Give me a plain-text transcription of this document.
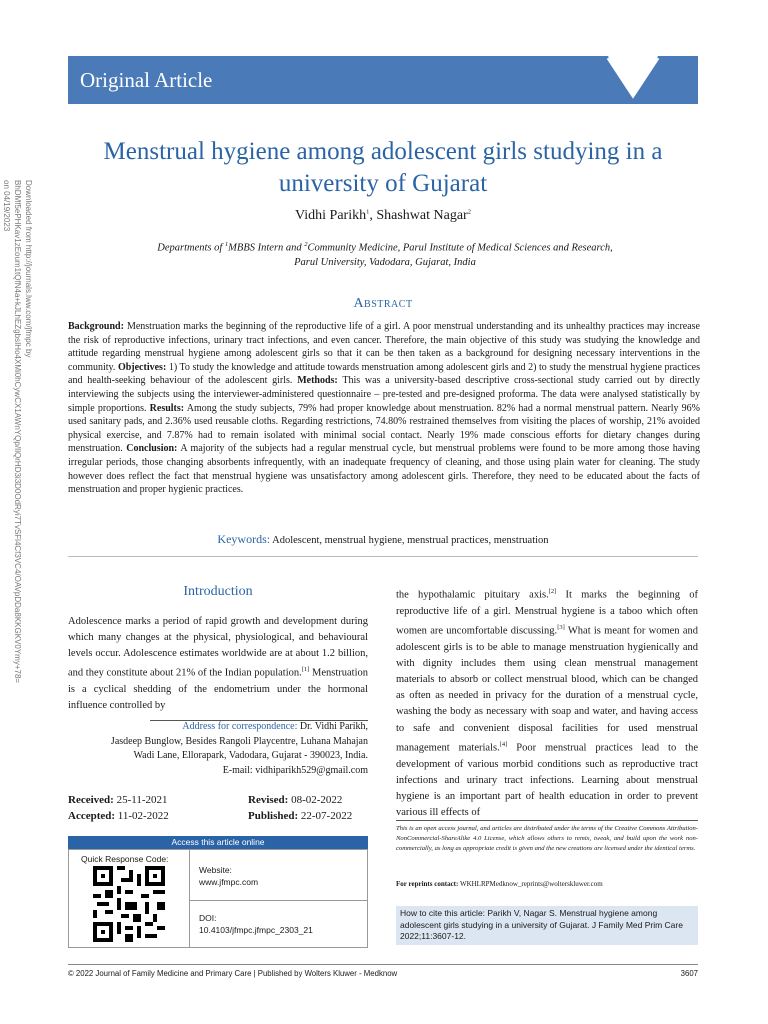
Original Article
Downloaded from http://journals.lww.com/jfmpc by BhDMf5ePHKav1zEoum1tQfN4a+kJLhEZgbsIHo4XMi0hCywCX1AWnYQp/IlQrHD3i3D0OdRyi7TvSFl4Cf3VC4/OAVpDDa8KKGKV0Ymy+78= on 04/19/2023
Menstrual hygiene among adolescent girls studying in a university of Gujarat
Vidhi Parikh$^1$, Shashwat Nagar$^2$
Departments of $^1$MBBS Intern and $^2$Community Medicine, Parul Institute of Medical Sciences and Research,
Parul University, Vadodara, Gujarat, India
Abstract
Background: Menstruation marks the beginning of the reproductive life of a girl. A poor menstrual understanding and its unhealthy practices may increase the risk of reproductive infections, urinary tract infections, and even cancer. Therefore, the main objective of this study was studying the knowledge and attitude regarding menstrual hygiene among adolescent girls so that it can be then taken as a background for designing necessary interventions in the community. Objectives: 1) To study the knowledge and attitude towards menstruation among adolescent girls and 2) to study the menstrual hygiene practices and health-seeking behaviour of the adolescent girls. Methods: This was a university-based descriptive cross-sectional study carried out by directly interviewing the subjects using the interviewer-administered questionnaire – pre-tested and pre-designed proforma. The data were analysed statistically by simple proportions. Results: Among the study subjects, 79% had proper knowledge about menstruation. 82% had a normal menstrual pattern. Nearly 96% used sanitary pads, and 2.36% used reusable cloths. Regarding restrictions, 74.80% restrained themselves from visiting the places of worship, 21% avoided physical exercise, and 7.87% had to remain isolated with minimal social contact. Nearly 19% made conscious efforts for dietary changes during menstruation. Conclusion: A majority of the subjects had a regular menstrual cycle, but menstrual problems were found to be more among those having irregular periods, those changing absorbents infrequently, with an inadequate frequency of cleaning, and those using plain water for cleaning. The study however does reflect the fact that menstrual hygiene was unsatisfactory among adolescent girls. Therefore, they need to be educated about the facts of menstruation and proper hygienic practices.
Keywords: Adolescent, menstrual hygiene, menstrual practices, menstruation
Introduction
Adolescence marks a period of rapid growth and development during which many changes at the physical, physiological, and behavioural levels occur. Adolescence estimates worldwide are at about 1.2 billion, and they constitute about 21% of the Indian population.[1] Menstruation is a cyclical shedding of the endometrium under the hormonal influence controlled by
the hypothalamic pituitary axis.[2] It marks the beginning of reproductive life of a girl. Menstrual hygiene is a taboo which often women are uncomfortable discussing.[3] What is meant for women and adolescent girls is to be able to manage menstruation hygienically and with dignity includes them using clean menstrual management materials to absorb or collect menstrual blood, which can be changed as often as needed in privacy for the duration of a menstrual cycle, washing the body as necessary with soap and water, and having access to safe and convenient disposal facilities for used menstrual management materials.[4] Poor menstrual practices lead to the development of various morbid conditions such as reproductive tract infections and urinary tract infections. Learning about menstrual hygiene is an important part of health education in order to prevent various ill effects of
Address for correspondence: Dr. Vidhi Parikh,
Jasdeep Bunglow, Besides Rangoli Playcentre, Luhana Mahajan
Wadi Lane, Ellorapark, Vadodara, Gujarat - 390023, India.
E-mail: vidhiparikh529@gmail.com
Received: 25-11-2021	Revised: 08-02-2022
Accepted: 11-02-2022	Published: 22-07-2022
Access this article online
Quick Response Code:
Website:
www.jfmpc.com
DOI:
10.4103/jfmpc.jfmpc_2303_21
This is an open access journal, and articles are distributed under the terms of the Creative Commons Attribution-NonCommercial-ShareAlike 4.0 License, which allows others to remix, tweak, and build upon the work non-commercially, as long as appropriate credit is given and the new creations are licensed under the identical terms.
For reprints contact: WKHLRPMedknow_reprints@wolterskluwer.com
How to cite this article: Parikh V, Nagar S. Menstrual hygiene among adolescent girls studying in a university of Gujarat. J Family Med Prim Care 2022;11:3607-12.
© 2022 Journal of Family Medicine and Primary Care | Published by Wolters Kluwer - Medknow	3607
